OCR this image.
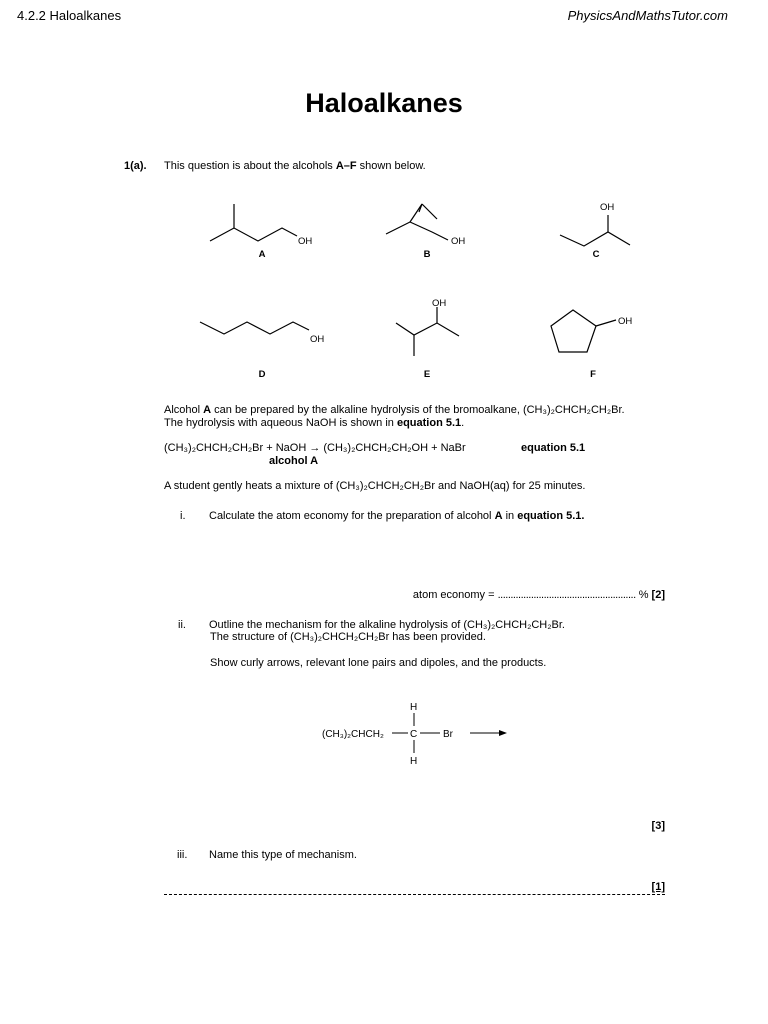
4.2.2 Haloalkanes	PhysicsAndMathsTutor.com
Haloalkanes
1(a). This question is about the alcohols A–F shown below.
OH	OH
OH
OH
OH
OH
A	B	C
D	E	F
Alcohol A can be prepared by the alkaline hydrolysis of the bromoalkane, (CH₃)₂CHCH₂CH₂Br.
The hydrolysis with aqueous NaOH is shown in equation 5.1.
(CH₃)₂CHCH₂CH₂Br + NaOH → (CH₃)₂CHCH₂CH₂OH + NaBr	equation 5.1
alcohol A
A student gently heats a mixture of (CH₃)₂CHCH₂CH₂Br and NaOH(aq) for 25 minutes.
i. Calculate the atom economy for the preparation of alcohol A in equation 5.1.
atom economy = ...................................................... % [2]
ii. Outline the mechanism for the alkaline hydrolysis of (CH₃)₂CHCH₂CH₂Br.
The structure of (CH₃)₂CHCH₂CH₂Br has been provided.
Show curly arrows, relevant lone pairs and dipoles, and the products.
(CH₃)₂CHCH₂
H
C	Br
H
[3]
iii. Name this type of mechanism.
[1]
